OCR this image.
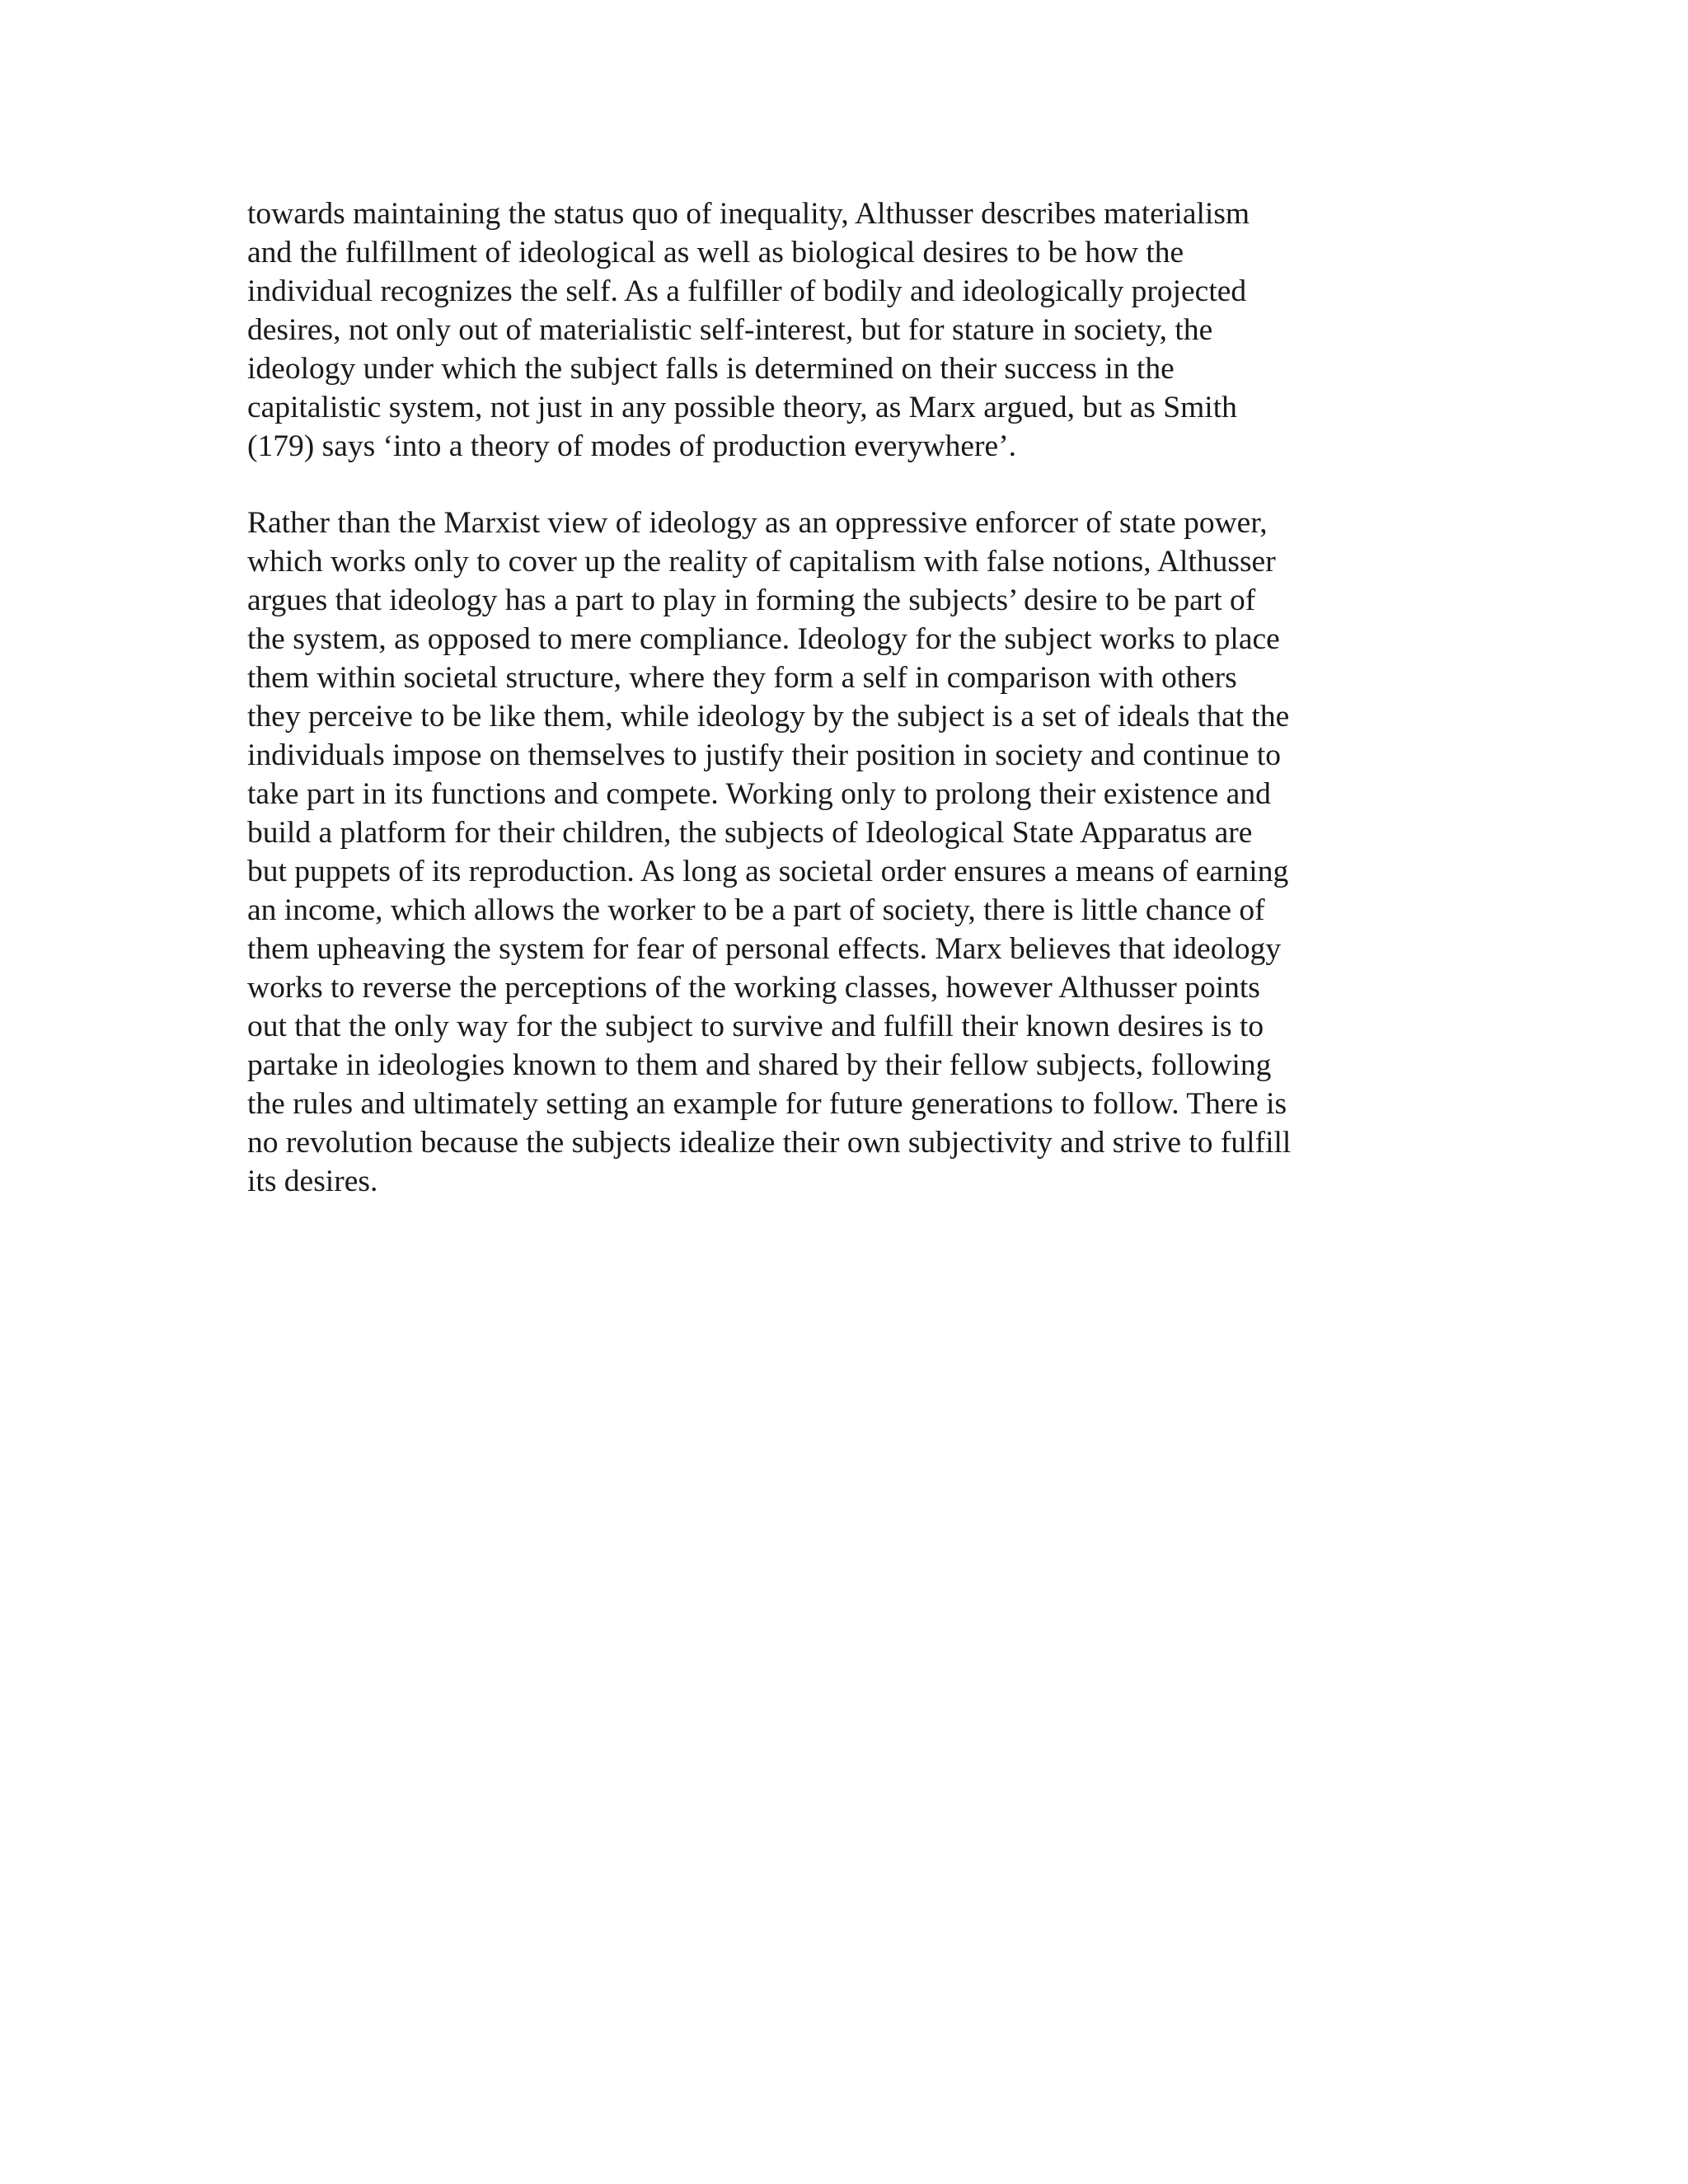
towards maintaining the status quo of inequality, Althusser describes materialism
and the fulfillment of ideological as well as biological desires to be how the
individual recognizes the self. As a fulfiller of bodily and ideologically projected
desires, not only out of materialistic self-interest, but for stature in society, the
ideology under which the subject falls is determined on their success in the
capitalistic system, not just in any possible theory, as Marx argued, but as Smith
(179) says ‘into a theory of modes of production everywhere’.
Rather than the Marxist view of ideology as an oppressive enforcer of state power,
which works only to cover up the reality of capitalism with false notions, Althusser
argues that ideology has a part to play in forming the subjects’ desire to be part of
the system, as opposed to mere compliance. Ideology for the subject works to place
them within societal structure, where they form a self in comparison with others
they perceive to be like them, while ideology by the subject is a set of ideals that the
individuals impose on themselves to justify their position in society and continue to
take part in its functions and compete. Working only to prolong their existence and
build a platform for their children, the subjects of Ideological State Apparatus are
but puppets of its reproduction. As long as societal order ensures a means of earning
an income, which allows the worker to be a part of society, there is little chance of
them upheaving the system for fear of personal effects. Marx believes that ideology
works to reverse the perceptions of the working classes, however Althusser points
out that the only way for the subject to survive and fulfill their known desires is to
partake in ideologies known to them and shared by their fellow subjects, following
the rules and ultimately setting an example for future generations to follow. There is
no revolution because the subjects idealize their own subjectivity and strive to fulfill
its desires.
